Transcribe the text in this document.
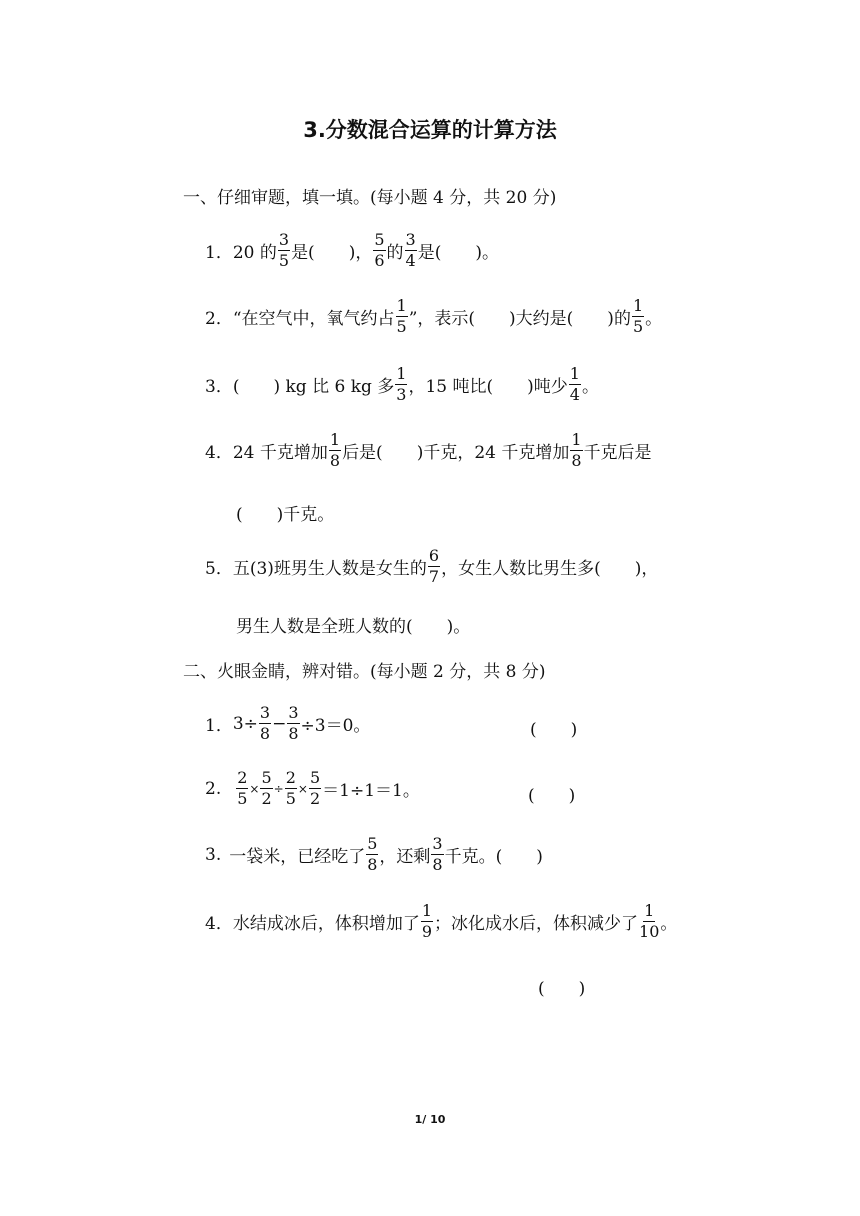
3.分数混合运算的计算方法
一、仔细审题，填一填。(每小题 4 分，共 20 分)
1． 20 的 $\frac{3}{5}$ 是(　　)， $\frac{5}{6}$ 的 $\frac{3}{4}$ 是(　　)。
2． “在空气中，氧气约占 $\frac{1}{5}$ ”，表示(　　)大约是(　　)的 $\frac{1}{5}$ 。
3． (　　) kg 比 6 kg 多 $\frac{1}{3}$ ，15 吨比(　　)吨少 $\frac{1}{4}$ 。
4． 24 千克增加 $\frac{1}{8}$ 后是(　　)千克，24 千克增加 $\frac{1}{8}$ 千克后是
(　　)千克。
5． 五(3)班男生人数是女生的 $\frac{6}{7}$ ，女生人数比男生多(　　)，
男生人数是全班人数的(　　)。
二、火眼金睛，辨对错。(每小题 2 分，共 8 分)
1． $3\div \frac{3}{8} - \frac{3}{8} \div 3=0$。	(　　)
2. $\frac{2}{5} \times \frac{5}{2} \div \frac{2}{5} \times \frac{5}{2} =1\div 1=1$。	(　　)
3. 一袋米，已经吃了 $\frac{5}{8}$ ，还剩 $\frac{3}{8}$ 千克。(　　)
4． 水结成冰后，体积增加了 $\frac{1}{9}$ ；冰化成水后，体积减少了 $\frac{1}{10}$ 。
(　　)
1/ 10
